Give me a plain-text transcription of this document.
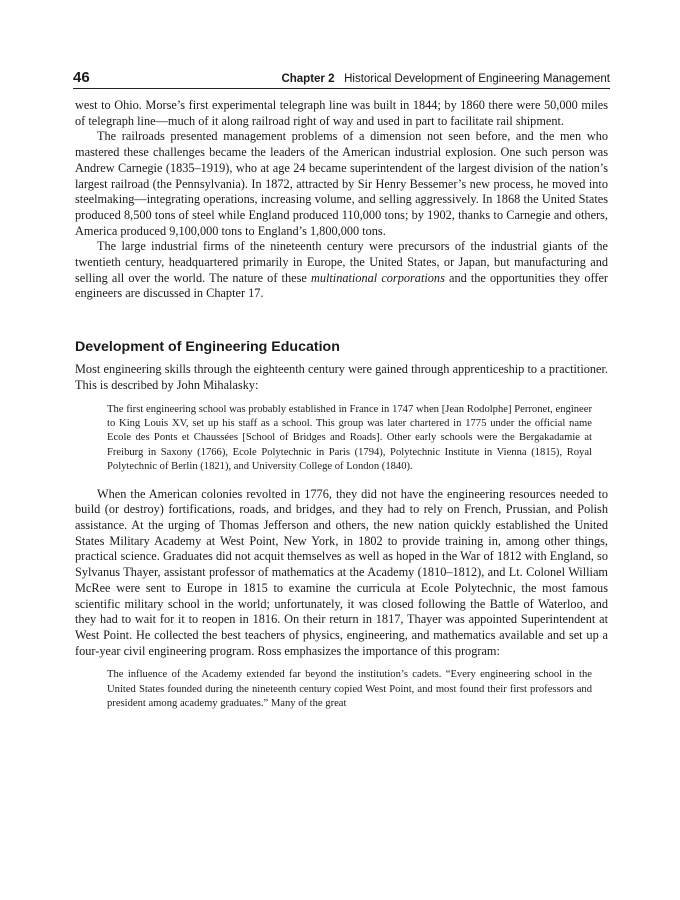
46	Chapter 2 Historical Development of Engineering Management

west to Ohio. Morse’s first experimental telegraph line was built in 1844; by 1860 there were 50,000 miles of telegraph line—much of it along railroad right of way and used in part to facilitate rail shipment.

The railroads presented management problems of a dimension not seen before, and the men who mastered these challenges became the leaders of the American industrial explosion. One such person was Andrew Carnegie (1835–1919), who at age 24 became superintendent of the largest division of the nation’s largest railroad (the Pennsylvania). In 1872, attracted by Sir Henry Bessemer’s new process, he moved into steelmaking—integrating operations, increasing volume, and selling aggressively. In 1868 the United States produced 8,500 tons of steel while England produced 110,000 tons; by 1902, thanks to Carnegie and others, America produced 9,100,000 tons to England’s 1,800,000 tons.

The large industrial firms of the nineteenth century were precursors of the industrial giants of the twentieth century, headquartered primarily in Europe, the United States, or Japan, but manufacturing and selling all over the world. The nature of these multinational corporations and the opportunities they offer engineers are discussed in Chapter 17.

Development of Engineering Education

Most engineering skills through the eighteenth century were gained through apprenticeship to a practitioner. This is described by John Mihalasky:

The first engineering school was probably established in France in 1747 when [Jean Rodolphe] Perronet, engineer to King Louis XV, set up his staff as a school. This group was later chartered in 1775 under the official name Ecole des Ponts et Chaussées [School of Bridges and Roads]. Other early schools were the Bergakadamie at Freiburg in Saxony (1766), Ecole Polytechnic in Paris (1794), Polytechnic Institute in Vienna (1815), Royal Polytechnic of Berlin (1821), and University College of London (1840).

When the American colonies revolted in 1776, they did not have the engineering resources needed to build (or destroy) fortifications, roads, and bridges, and they had to rely on French, Prussian, and Polish assistance. At the urging of Thomas Jefferson and others, the new nation quickly established the United States Military Academy at West Point, New York, in 1802 to provide training in, among other things, practical science. Graduates did not acquit themselves as well as hoped in the War of 1812 with England, so Sylvanus Thayer, assistant professor of mathematics at the Academy (1810–1812), and Lt. Colonel William McRee were sent to Europe in 1815 to examine the curricula at Ecole Polytechnic, the most famous scientific military school in the world; unfortunately, it was closed following the Battle of Waterloo, and they had to wait for it to reopen in 1816. On their return in 1817, Thayer was appointed Superintendent at West Point. He collected the best teachers of physics, engineering, and mathematics available and set up a four-year civil engineering program. Ross emphasizes the importance of this program:

The influence of the Academy extended far beyond the institution’s cadets. “Every engineering school in the United States founded during the nineteenth century copied West Point, and most found their first professors and president among academy graduates.” Many of the great
